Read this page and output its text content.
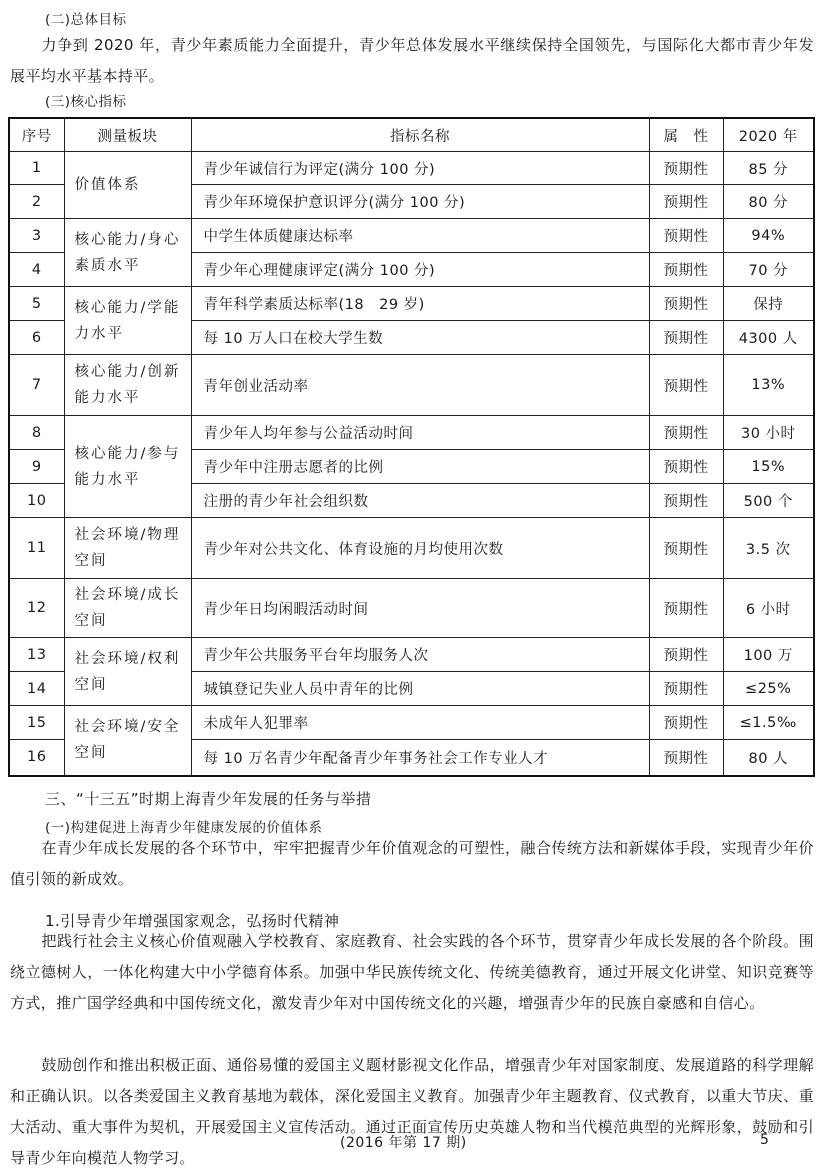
(二)总体目标
力争到 2020 年，青少年素质能力全面提升，青少年总体发展水平继续保持全国领先，与国际化大都市青少年发展平均水平基本持平。
(三)核心指标
序号	测量板块	指标名称	属　性	2020 年
1	价值体系	青少年诚信行为评定(满分 100 分)	预期性	85 分
2		青少年环境保护意识评分(满分 100 分)	预期性	80 分
3	核心能力/身心素质水平	中学生体质健康达标率	预期性	94%
4		青少年心理健康评定(满分 100 分)	预期性	70 分
5	核心能力/学能力水平	青年科学素质达标率(18　29 岁)	预期性	保持
6		每 10 万人口在校大学生数	预期性	4300 人
7	核心能力/创新能力水平	青年创业活动率	预期性	13%
8	核心能力/参与能力水平	青少年人均年参与公益活动时间	预期性	30 小时
9		青少年中注册志愿者的比例	预期性	15%
10		注册的青少年社会组织数	预期性	500 个
11	社会环境/物理空间	青少年对公共文化、体育设施的月均使用次数	预期性	3.5 次
12	社会环境/成长空间	青少年日均闲暇活动时间	预期性	6 小时
13	社会环境/权利空间	青少年公共服务平台年均服务人次	预期性	100 万
14		城镇登记失业人员中青年的比例	预期性	≤25%
15	社会环境/安全空间	未成年人犯罪率	预期性	≤1.5‰
16		每 10 万名青少年配备青少年事务社会工作专业人才	预期性	80 人
三、“十三五”时期上海青少年发展的任务与举措
(一)构建促进上海青少年健康发展的价值体系
在青少年成长发展的各个环节中，牢牢把握青少年价值观念的可塑性，融合传统方法和新媒体手段，实现青少年价值引领的新成效。
1.引导青少年增强国家观念，弘扬时代精神
把践行社会主义核心价值观融入学校教育、家庭教育、社会实践的各个环节，贯穿青少年成长发展的各个阶段。围绕立德树人，一体化构建大中小学德育体系。加强中华民族传统文化、传统美德教育，通过开展文化讲堂、知识竞赛等方式，推广国学经典和中国传统文化，激发青少年对中国传统文化的兴趣，增强青少年的民族自豪感和自信心。
鼓励创作和推出积极正面、通俗易懂的爱国主义题材影视文化作品，增强青少年对国家制度、发展道路的科学理解和正确认识。以各类爱国主义教育基地为载体，深化爱国主义教育。加强青少年主题教育、仪式教育，以重大节庆、重大活动、重大事件为契机，开展爱国主义宣传活动。通过正面宣传历史英雄人物和当代模范典型的光辉形象，鼓励和引导青少年向模范人物学习。
(2016 年第 17 期)	5
